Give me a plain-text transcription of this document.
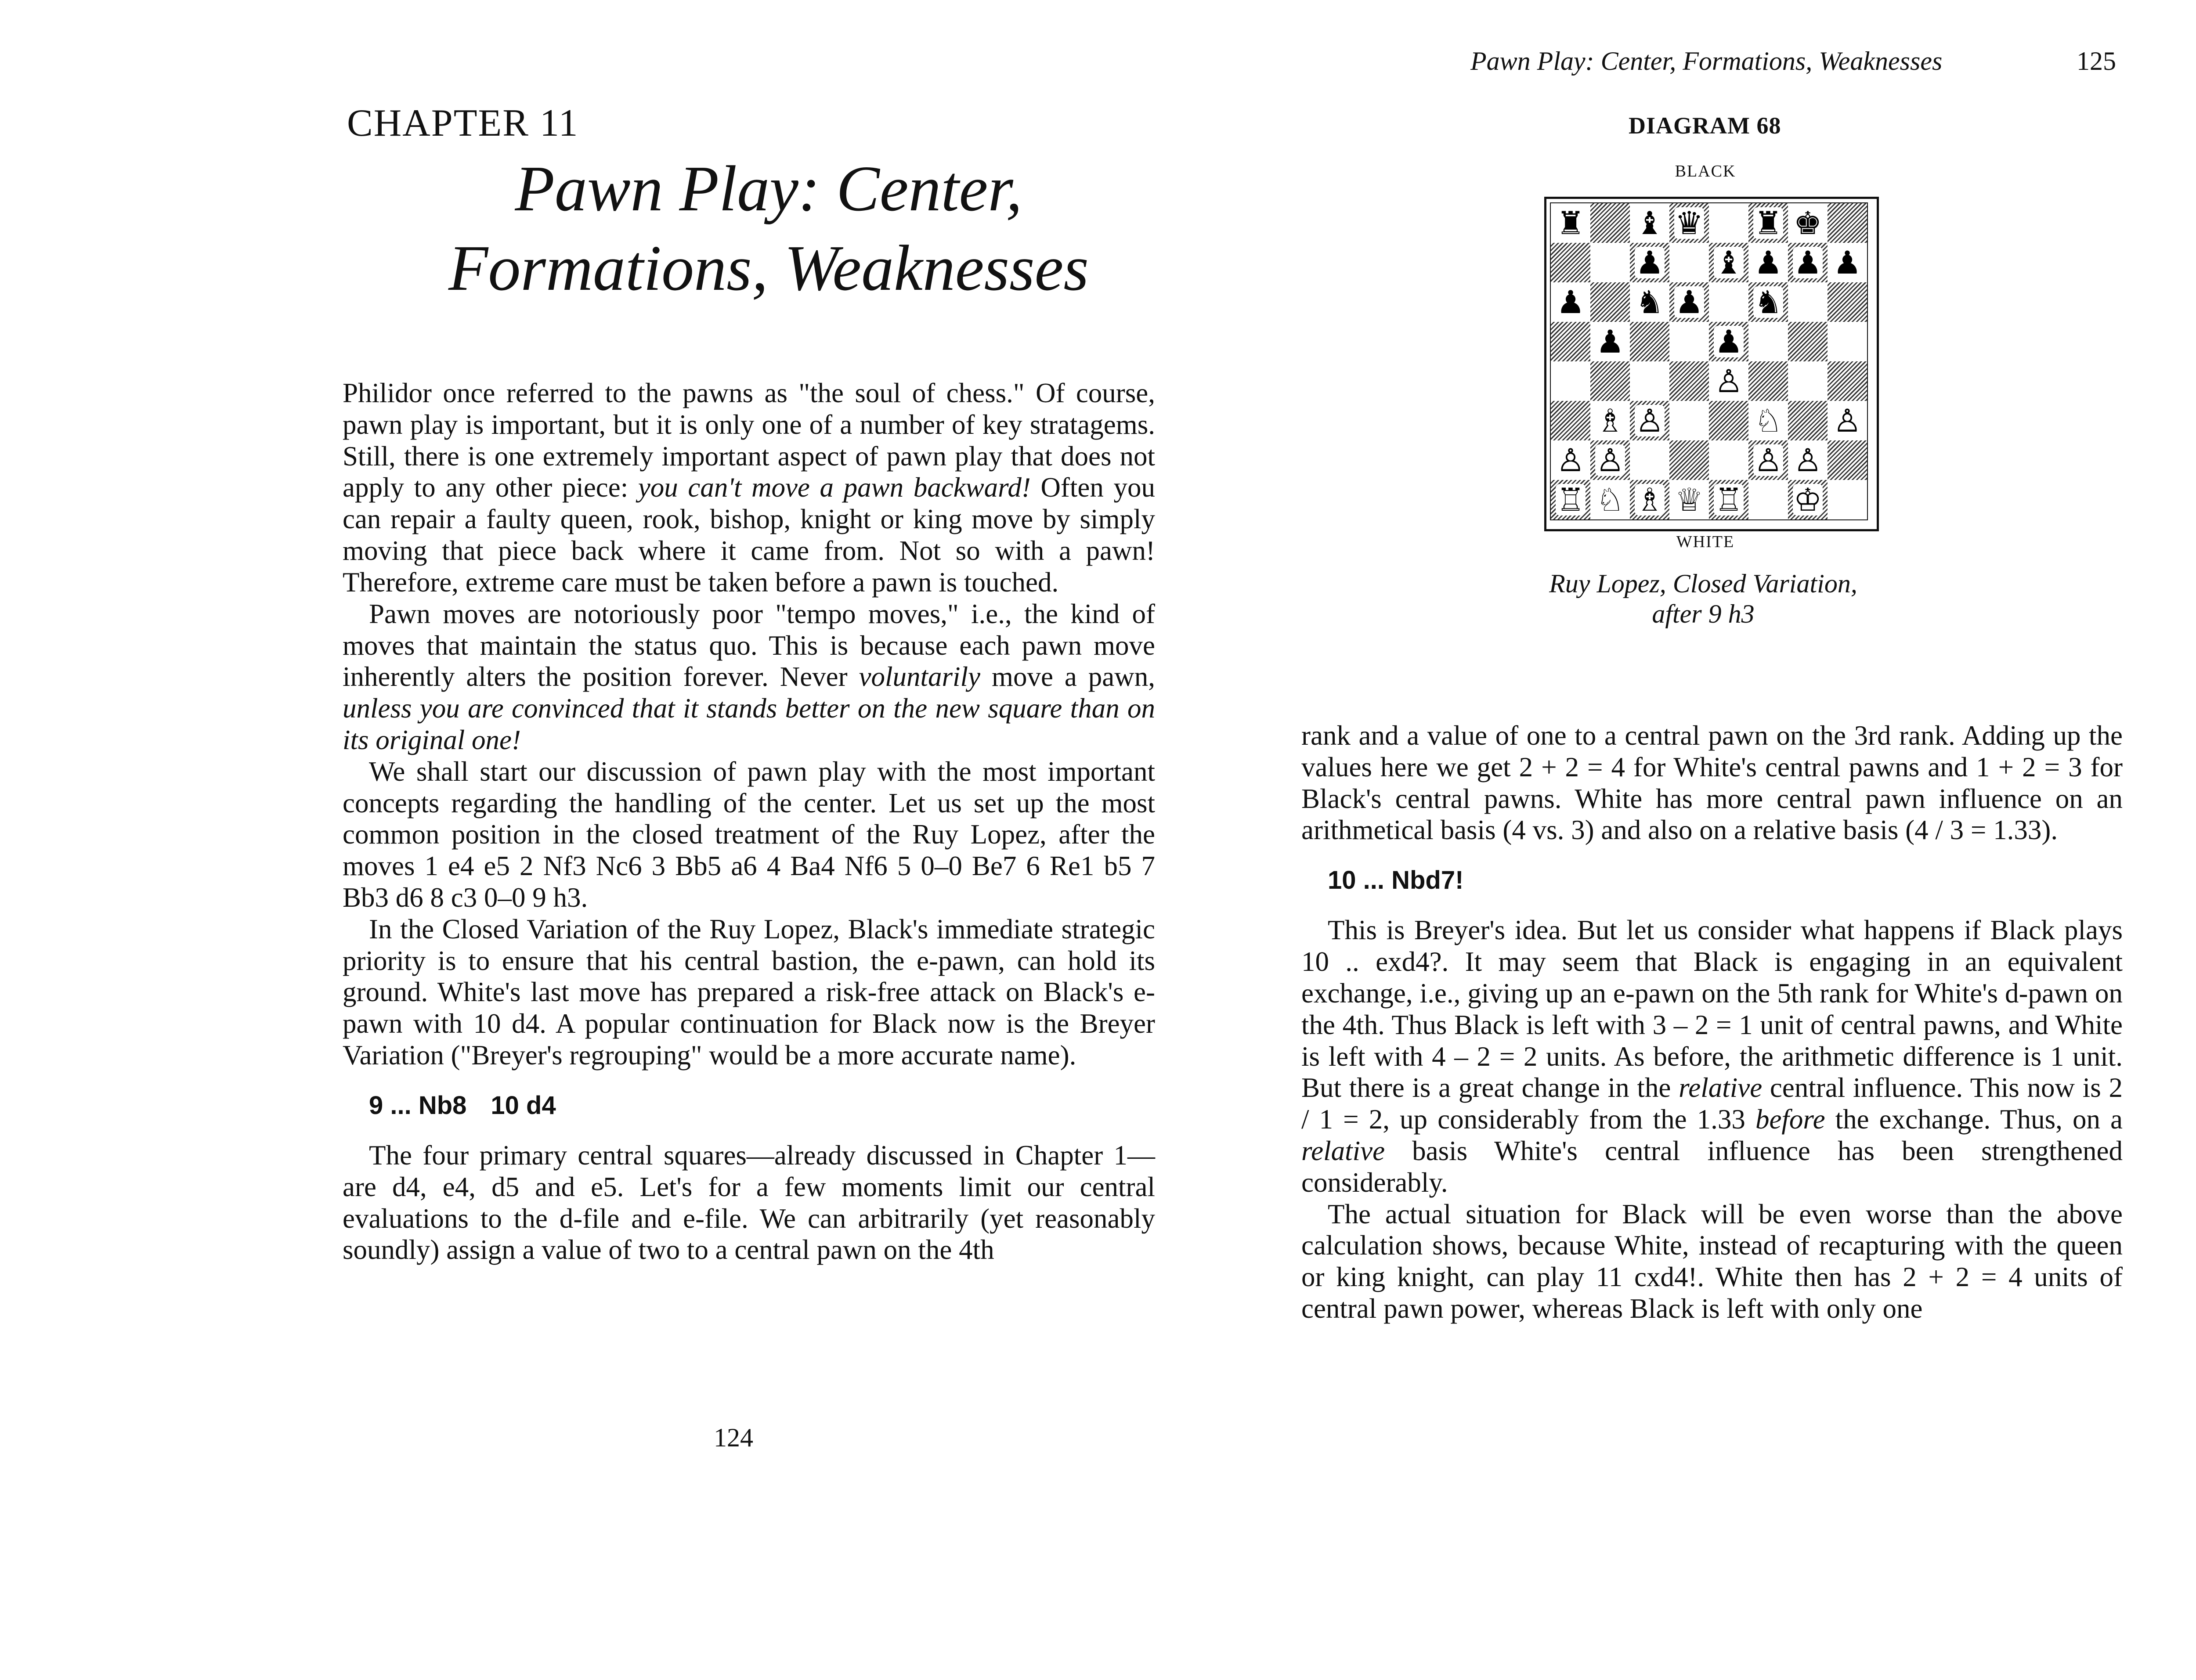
CHAPTER 11
Pawn Play: Center,
Formations, Weaknesses

Philidor once referred to the pawns as "the soul of chess." Of course, pawn play is important, but it is only one of a number of key stratagems. Still, there is one extremely important aspect of pawn play that does not apply to any other piece: you can't move a pawn backward! Often you can repair a faulty queen, rook, bishop, knight or king move by simply moving that piece back where it came from. Not so with a pawn! Therefore, extreme care must be taken before a pawn is touched.

Pawn moves are notoriously poor "tempo moves," i.e., the kind of moves that maintain the status quo. This is because each pawn move inherently alters the position forever. Never voluntarily move a pawn, unless you are convinced that it stands better on the new square than on its original one!

We shall start our discussion of pawn play with the most important concepts regarding the handling of the center. Let us set up the most common position in the closed treatment of the Ruy Lopez, after the moves 1 e4 e5 2 Nf3 Nc6 3 Bb5 a6 4 Ba4 Nf6 5 0–0 Be7 6 Re1 b5 7 Bb3 d6 8 c3 0–0 9 h3.

In the Closed Variation of the Ruy Lopez, Black's immediate strategic priority is to ensure that his central bastion, the e-pawn, can hold its ground. White's last move has prepared a risk-free attack on Black's e-pawn with 10 d4. A popular continuation for Black now is the Breyer Variation ("Breyer's regrouping" would be a more accurate name).

9 ... Nb8 10 d4

The four primary central squares—already discussed in Chapter 1—are d4, e4, d5 and e5. Let's for a few moments limit our central evaluations to the d-file and e-file. We can arbitrarily (yet reasonably soundly) assign a value of two to a central pawn on the 4th

124
Pawn Play: Center, Formations, Weaknesses	125
DIAGRAM 68
BLACK
♜ ♝ ♛ ♜ ♚
♟ ♝ ♟ ♟ ♟
♟ ♞ ♟ ♞
♟	♟
♙
♗ ♙	♘ ♙
♙ ♙	♙ ♙
♖ ♘ ♗ ♕ ♖ ♔
WHITE
Ruy Lopez, Closed Variation,
after 9 h3

rank and a value of one to a central pawn on the 3rd rank. Adding up the values here we get 2 + 2 = 4 for White's central pawns and 1 + 2 = 3 for Black's central pawns. White has more central pawn influence on an arithmetical basis (4 vs. 3) and also on a relative basis (4 / 3 = 1.33).

10 ... Nbd7!

This is Breyer's idea. But let us consider what happens if Black plays 10 .. exd4?. It may seem that Black is engaging in an equivalent exchange, i.e., giving up an e-pawn on the 5th rank for White's d-pawn on the 4th. Thus Black is left with 3 – 2 = 1 unit of central pawns, and White is left with 4 – 2 = 2 units. As before, the arithmetic difference is 1 unit. But there is a great change in the relative central influence. This now is 2 / 1 = 2, up considerably from the 1.33 before the exchange. Thus, on a relative basis White's central influence has been strengthened considerably.

The actual situation for Black will be even worse than the above calculation shows, because White, instead of recapturing with the queen or king knight, can play 11 cxd4!. White then has 2 + 2 = 4 units of central pawn power, whereas Black is left with only one
